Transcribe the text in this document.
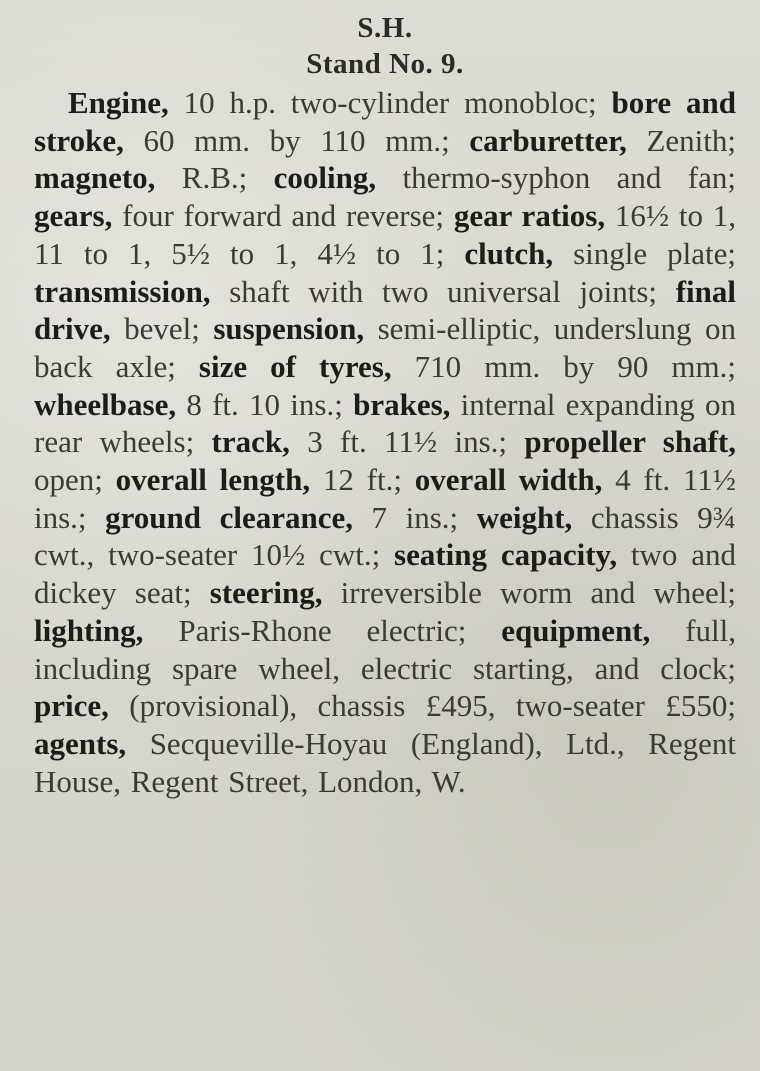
S.H.

Stand No. 9.

Engine, 10 h.p. two-cylinder monobloc; bore and stroke, 60 mm. by 110 mm.; carburetter, Zenith; magneto, R.B.; cooling, thermo-syphon and fan; gears, four forward and reverse; gear ratios, 16½ to 1, 11 to 1, 5½ to 1, 4½ to 1; clutch, single plate; transmission, shaft with two universal joints; final drive, bevel; suspension, semi-elliptic, underslung on back axle; size of tyres, 710 mm. by 90 mm.; wheelbase, 8 ft. 10 ins.; brakes, internal expanding on rear wheels; track, 3 ft. 11½ ins.; propeller shaft, open; overall length, 12 ft.; overall width, 4 ft. 11½ ins.; ground clearance, 7 ins.; weight, chassis 9¾ cwt., two-seater 10½ cwt.; seating capacity, two and dickey seat; steering, irreversible worm and wheel; lighting, Paris-Rhone electric; equipment, full, including spare wheel, electric starting, and clock; price, (provisional), chassis £495, two-seater £550; agents, Secqueville-Hoyau (England), Ltd., Regent House, Regent Street, London, W.
